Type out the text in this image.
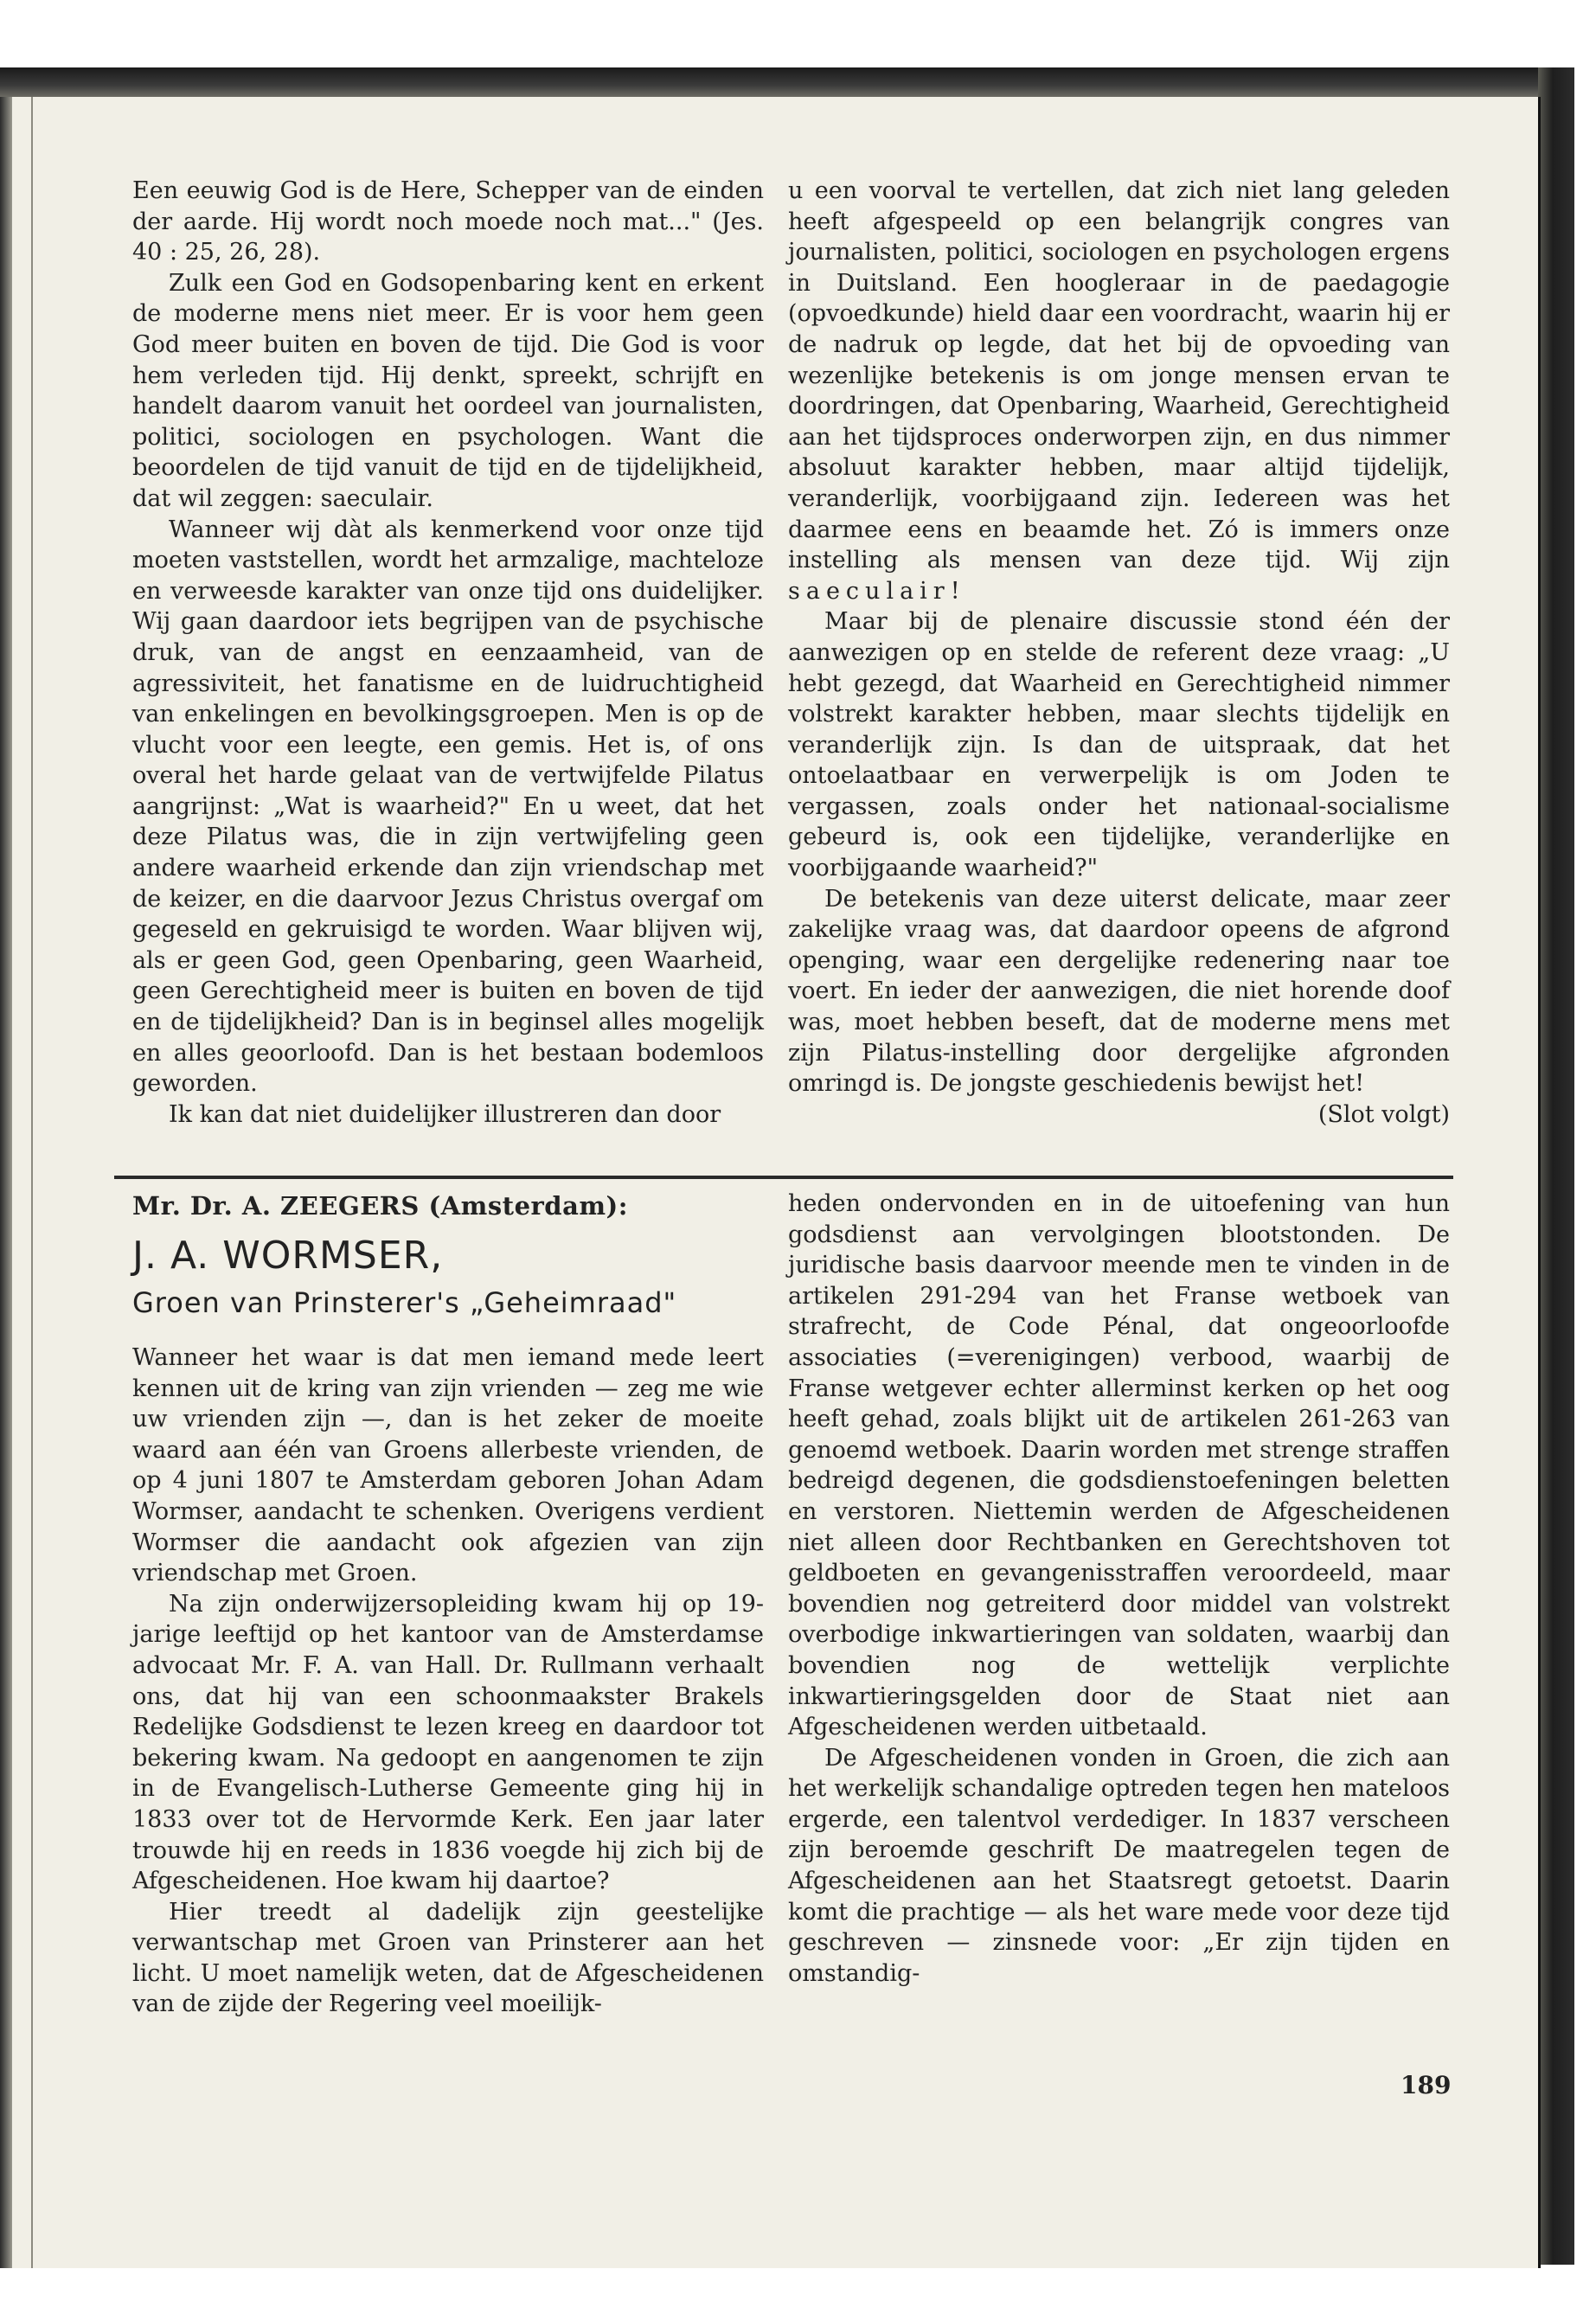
Een eeuwig God is de Here, Schepper van de einden der aarde. Hij wordt noch moede noch mat..." (Jes. 40 : 25, 26, 28).

Zulk een God en Godsopenbaring kent en erkent de moderne mens niet meer. Er is voor hem geen God meer buiten en boven de tijd. Die God is voor hem verleden tijd. Hij denkt, spreekt, schrijft en handelt daarom vanuit het oordeel van journalisten, politici, sociologen en psychologen. Want die beoordelen de tijd vanuit de tijd en de tijdelijkheid, dat wil zeggen: saeculair.

Wanneer wij dàt als kenmerkend voor onze tijd moeten vaststellen, wordt het armzalige, machteloze en verweesde karakter van onze tijd ons duidelijker. Wij gaan daardoor iets begrijpen van de psychische druk, van de angst en eenzaamheid, van de agressiviteit, het fanatisme en de luidruchtigheid van enkelingen en bevolkingsgroepen. Men is op de vlucht voor een leegte, een gemis. Het is, of ons overal het harde gelaat van de vertwijfelde Pilatus aangrijnst: „Wat is waarheid?" En u weet, dat het deze Pilatus was, die in zijn vertwijfeling geen andere waarheid erkende dan zijn vriendschap met de keizer, en die daarvoor Jezus Christus overgaf om gegeseld en gekruisigd te worden. Waar blijven wij, als er geen God, geen Openbaring, geen Waarheid, geen Gerechtigheid meer is buiten en boven de tijd en de tijdelijkheid? Dan is in beginsel alles mogelijk en alles geoorloofd. Dan is het bestaan bodemloos geworden.

Ik kan dat niet duidelijker illustreren dan door

u een voorval te vertellen, dat zich niet lang geleden heeft afgespeeld op een belangrijk congres van journalisten, politici, sociologen en psychologen ergens in Duitsland. Een hoogleraar in de paedagogie (opvoedkunde) hield daar een voordracht, waarin hij er de nadruk op legde, dat het bij de opvoeding van wezenlijke betekenis is om jonge mensen ervan te doordringen, dat Openbaring, Waarheid, Gerechtigheid aan het tijdsproces onderworpen zijn, en dus nimmer absoluut karakter hebben, maar altijd tijdelijk, veranderlijk, voorbijgaand zijn. Iedereen was het daarmee eens en beaamde het. Zó is immers onze instelling als mensen van deze tijd. Wij zijn saeculair!

Maar bij de plenaire discussie stond één der aanwezigen op en stelde de referent deze vraag: „U hebt gezegd, dat Waarheid en Gerechtigheid nimmer volstrekt karakter hebben, maar slechts tijdelijk en veranderlijk zijn. Is dan de uitspraak, dat het ontoelaatbaar en verwerpelijk is om Joden te vergassen, zoals onder het nationaal-socialisme gebeurd is, ook een tijdelijke, veranderlijke en voorbijgaande waarheid?"

De betekenis van deze uiterst delicate, maar zeer zakelijke vraag was, dat daardoor opeens de afgrond openging, waar een dergelijke redenering naar toe voert. En ieder der aanwezigen, die niet horende doof was, moet hebben beseft, dat de moderne mens met zijn Pilatus-instelling door dergelijke afgronden omringd is. De jongste geschiedenis bewijst het!

(Slot volgt)

Mr. Dr. A. ZEEGERS (Amsterdam):
J. A. WORMSER,
Groen van Prinsterer's „Geheimraad"

Wanneer het waar is dat men iemand mede leert kennen uit de kring van zijn vrienden — zeg me wie uw vrienden zijn —, dan is het zeker de moeite waard aan één van Groens allerbeste vrienden, de op 4 juni 1807 te Amsterdam geboren Johan Adam Wormser, aandacht te schenken. Overigens verdient Wormser die aandacht ook afgezien van zijn vriendschap met Groen.

Na zijn onderwijzersopleiding kwam hij op 19-jarige leeftijd op het kantoor van de Amsterdamse advocaat Mr. F. A. van Hall. Dr. Rullmann verhaalt ons, dat hij van een schoonmaakster Brakels Redelijke Godsdienst te lezen kreeg en daardoor tot bekering kwam. Na gedoopt en aangenomen te zijn in de Evangelisch-Lutherse Gemeente ging hij in 1833 over tot de Hervormde Kerk. Een jaar later trouwde hij en reeds in 1836 voegde hij zich bij de Afgescheidenen. Hoe kwam hij daartoe?

Hier treedt al dadelijk zijn geestelijke verwantschap met Groen van Prinsterer aan het licht. U moet namelijk weten, dat de Afgescheidenen van de zijde der Regering veel moeilijk-

heden ondervonden en in de uitoefening van hun godsdienst aan vervolgingen blootstonden. De juridische basis daarvoor meende men te vinden in de artikelen 291-294 van het Franse wetboek van strafrecht, de Code Pénal, dat ongeoorloofde associaties (=verenigingen) verbood, waarbij de Franse wetgever echter allerminst kerken op het oog heeft gehad, zoals blijkt uit de artikelen 261-263 van genoemd wetboek. Daarin worden met strenge straffen bedreigd degenen, die godsdienstoefeningen beletten en verstoren. Niettemin werden de Afgescheidenen niet alleen door Rechtbanken en Gerechtshoven tot geldboeten en gevangenisstraffen veroordeeld, maar bovendien nog getreiterd door middel van volstrekt overbodige inkwartieringen van soldaten, waarbij dan bovendien nog de wettelijk verplichte inkwartieringsgelden door de Staat niet aan Afgescheidenen werden uitbetaald.

De Afgescheidenen vonden in Groen, die zich aan het werkelijk schandalige optreden tegen hen mateloos ergerde, een talentvol verdediger. In 1837 verscheen zijn beroemde geschrift De maatregelen tegen de Afgescheidenen aan het Staatsregt getoetst. Daarin komt die prachtige — als het ware mede voor deze tijd geschreven — zinsnede voor: „Er zijn tijden en omstandig-

189
